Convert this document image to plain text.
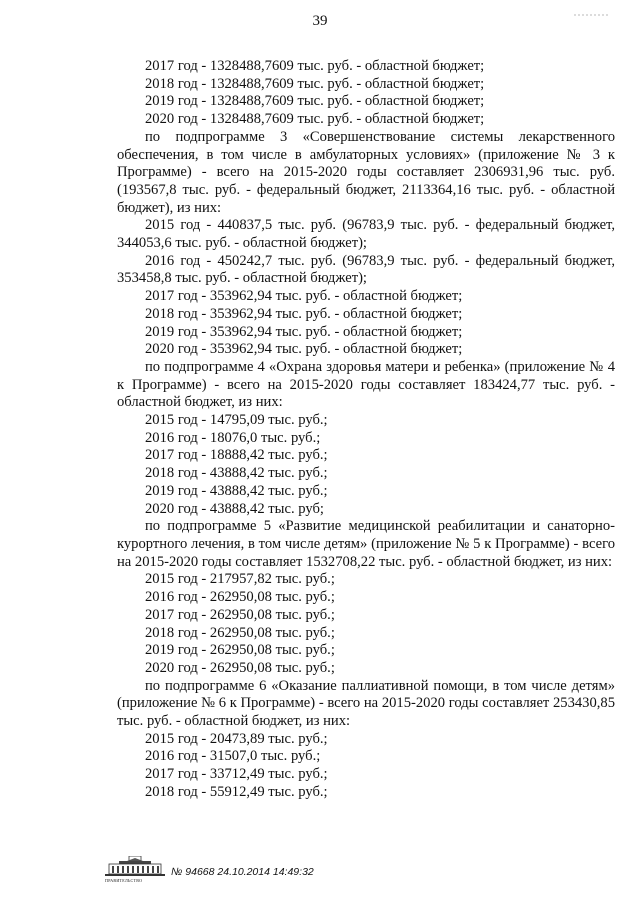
39
2017 год - 1328488,7609 тыс. руб. - областной бюджет;
2018 год - 1328488,7609 тыс. руб. - областной бюджет;
2019 год - 1328488,7609 тыс. руб. - областной бюджет;
2020 год - 1328488,7609 тыс. руб. - областной бюджет;
по подпрограмме 3 «Совершенствование системы лекарственного обеспечения, в том числе в амбулаторных условиях» (приложение № 3 к Программе) - всего на 2015-2020 годы составляет 2306931,96 тыс. руб. (193567,8 тыс. руб. - федеральный бюджет, 2113364,16 тыс. руб. - областной бюджет), из них:
2015 год - 440837,5 тыс. руб. (96783,9 тыс. руб. - федеральный бюджет, 344053,6 тыс. руб. - областной бюджет);
2016 год - 450242,7 тыс. руб. (96783,9 тыс. руб. - федеральный бюджет, 353458,8 тыс. руб. - областной бюджет);
2017 год - 353962,94 тыс. руб. - областной бюджет;
2018 год - 353962,94 тыс. руб. - областной бюджет;
2019 год - 353962,94 тыс. руб. - областной бюджет;
2020 год - 353962,94 тыс. руб. - областной бюджет;
по подпрограмме 4 «Охрана здоровья матери и ребенка» (приложение № 4 к Программе) - всего на 2015-2020 годы составляет 183424,77 тыс. руб. - областной бюджет, из них:
2015 год - 14795,09 тыс. руб.;
2016 год - 18076,0 тыс. руб.;
2017 год - 18888,42 тыс. руб.;
2018 год - 43888,42 тыс. руб.;
2019 год - 43888,42 тыс. руб.;
2020 год - 43888,42 тыс. руб;
по подпрограмме 5 «Развитие медицинской реабилитации и санаторно-курортного лечения, в том числе детям» (приложение № 5 к Программе) - всего на 2015-2020 годы составляет 1532708,22 тыс. руб. - областной бюджет, из них:
2015 год - 217957,82 тыс. руб.;
2016 год - 262950,08 тыс. руб.;
2017 год - 262950,08 тыс. руб.;
2018 год - 262950,08 тыс. руб.;
2019 год - 262950,08 тыс. руб.;
2020 год - 262950,08 тыс. руб.;
по подпрограмме 6 «Оказание паллиативной помощи, в том числе детям» (приложение № 6 к Программе) - всего на 2015-2020 годы составляет 253430,85 тыс. руб. - областной бюджет, из них:
2015 год - 20473,89 тыс. руб.;
2016 год - 31507,0 тыс. руб.;
2017 год - 33712,49 тыс. руб.;
2018 год - 55912,49 тыс. руб.;
ПРАВИТЕЛЬСТВО
№ 94668 24.10.2014 14:49:32
